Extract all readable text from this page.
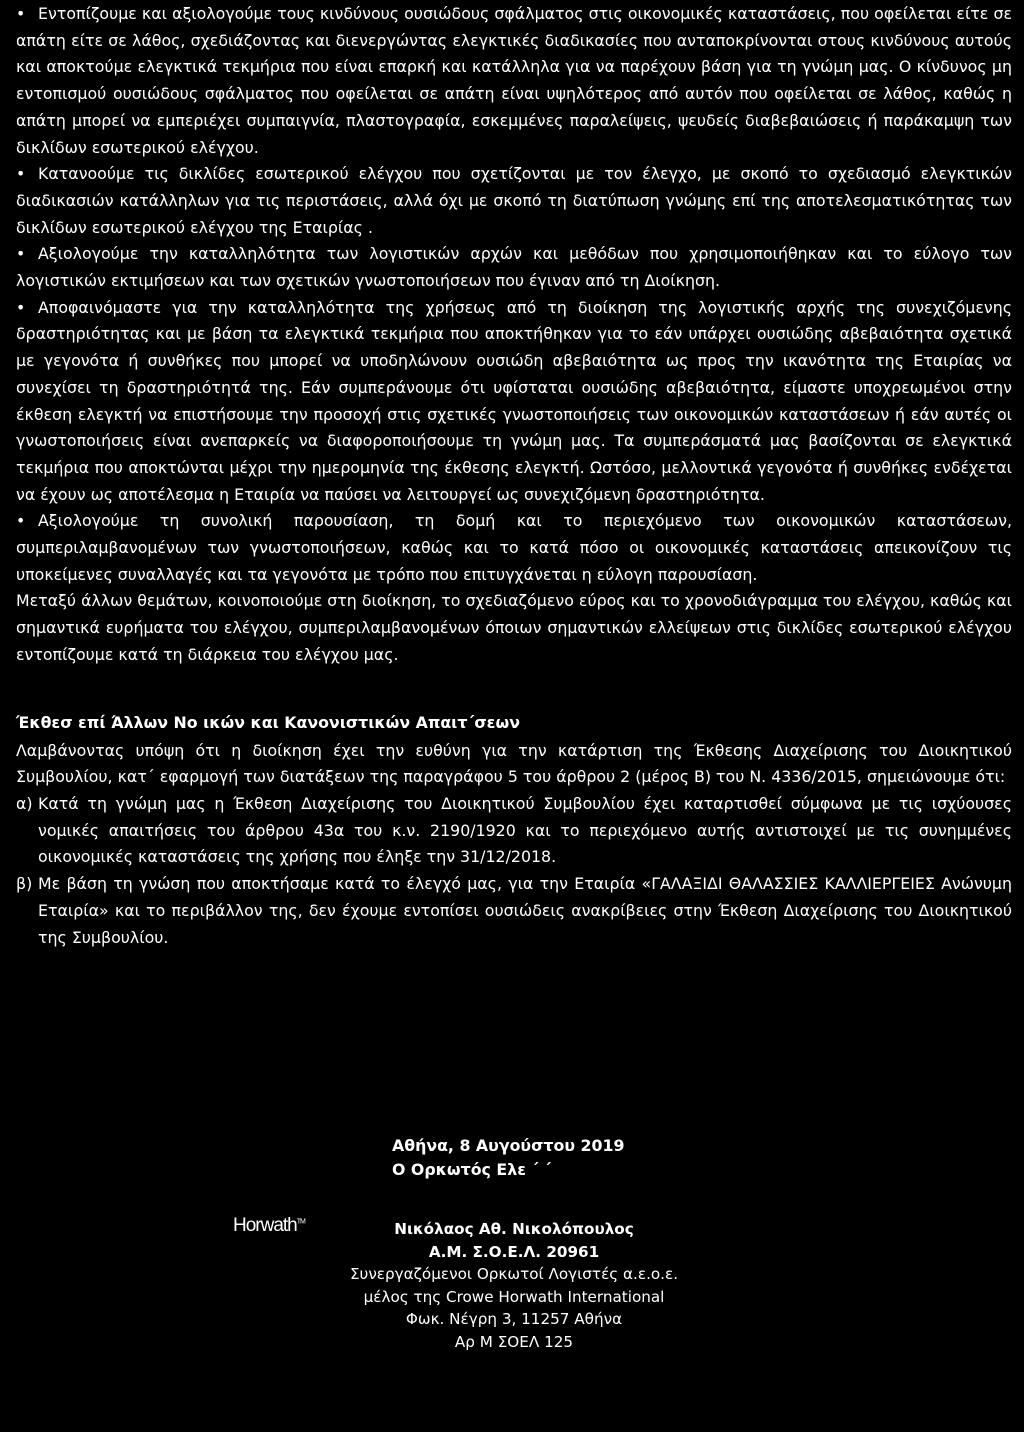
• Εντοπίζουμε και αξιολογούμε τους κινδύνους ουσιώδους σφάλματος στις οικονομικές καταστάσεις, που οφείλεται είτε σε απάτη είτε σε λάθος, σχεδιάζοντας και διενεργώντας ελεγκτικές διαδικασίες που ανταποκρίνονται στους κινδύνους αυτούς και αποκτούμε ελεγκτικά τεκμήρια που είναι επαρκή και κατάλληλα για να παρέχουν βάση για τη γνώμη μας. Ο κίνδυνος μη εντοπισμού ουσιώδους σφάλματος που οφείλεται σε απάτη είναι υψηλότερος από αυτόν που οφείλεται σε λάθος, καθώς η απάτη μπορεί να εμπεριέχει συμπαιγνία, πλαστογραφία, εσκεμμένες παραλείψεις, ψευδείς διαβεβαιώσεις ή παράκαμψη των δικλίδων εσωτερικού ελέγχου.

• Κατανοούμε τις δικλίδες εσωτερικού ελέγχου που σχετίζονται με τον έλεγχο, με σκοπό το σχεδιασμό ελεγκτικών διαδικασιών κατάλληλων για τις περιστάσεις, αλλά όχι με σκοπό τη διατύπωση γνώμης επί της αποτελεσματικότητας των δικλίδων εσωτερικού ελέγχου της Εταιρίας .

• Αξιολογούμε την καταλληλότητα των λογιστικών αρχών και μεθόδων που χρησιμοποιήθηκαν και το εύλογο των λογιστικών εκτιμήσεων και των σχετικών γνωστοποιήσεων που έγιναν από τη Διοίκηση.

• Αποφαινόμαστε για την καταλληλότητα της χρήσεως από τη διοίκηση της λογιστικής αρχής της συνεχιζόμενης δραστηριότητας και με βάση τα ελεγκτικά τεκμήρια που αποκτήθηκαν για το εάν υπάρχει ουσιώδης αβεβαιότητα σχετικά με γεγονότα ή συνθήκες που μπορεί να υποδηλώνουν ουσιώδη αβεβαιότητα ως προς την ικανότητα της Εταιρίας να συνεχίσει τη δραστηριότητά της. Εάν συμπεράνουμε ότι υφίσταται ουσιώδης αβεβαιότητα, είμαστε υποχρεωμένοι στην έκθεση ελεγκτή να επιστήσουμε την προσοχή στις σχετικές γνωστοποιήσεις των οικονομικών καταστάσεων ή εάν αυτές οι γνωστοποιήσεις είναι ανεπαρκείς να διαφοροποιήσουμε τη γνώμη μας. Τα συμπεράσματά μας βασίζονται σε ελεγκτικά τεκμήρια που αποκτώνται μέχρι την ημερομηνία της έκθεσης ελεγκτή. Ωστόσο, μελλοντικά γεγονότα ή συνθήκες ενδέχεται να έχουν ως αποτέλεσμα η Εταιρία να παύσει να λειτουργεί ως συνεχιζόμενη δραστηριότητα.

• Αξιολογούμε τη συνολική παρουσίαση, τη δομή και το περιεχόμενο των οικονομικών καταστάσεων, συμπεριλαμβανομένων των γνωστοποιήσεων, καθώς και το κατά πόσο οι οικονομικές καταστάσεις απεικονίζουν τις υποκείμενες συναλλαγές και τα γεγονότα με τρόπο που επιτυγχάνεται η εύλογη παρουσίαση.

Μεταξύ άλλων θεμάτων, κοινοποιούμε στη διοίκηση, το σχεδιαζόμενο εύρος και το χρονοδιάγραμμα του ελέγχου, καθώς και σημαντικά ευρήματα του ελέγχου, συμπεριλαμβανομένων όποιων σημαντικών ελλείψεων στις δικλίδες εσωτερικού ελέγχου εντοπίζουμε κατά τη διάρκεια του ελέγχου μας.

Έκθεσ επί Άλλων Νο ικών και Κανονιστικών Απαιτ΄σεων

Λαμβάνοντας υπόψη ότι η διοίκηση έχει την ευθύνη για την κατάρτιση της Έκθεσης Διαχείρισης του Διοικητικού Συμβουλίου, κατ΄ εφαρμογή των διατάξεων της παραγράφου 5 του άρθρου 2 (μέρος Β) του Ν. 4336/2015, σημειώνουμε ότι:

α) Κατά τη γνώμη μας η Έκθεση Διαχείρισης του Διοικητικού Συμβουλίου έχει καταρτισθεί σύμφωνα με τις ισχύουσες νομικές απαιτήσεις του άρθρου 43α του κ.ν. 2190/1920 και το περιεχόμενο αυτής αντιστοιχεί με τις συνημμένες οικονομικές καταστάσεις της χρήσης που έληξε την 31/12/2018.
β) Με βάση τη γνώση που αποκτήσαμε κατά το έλεγχό μας, για την Εταιρία «ΓΑΛΑΞΙΔΙ ΘΑΛΑΣΣΙΕΣ ΚΑΛΛΙΕΡΓΕΙΕΣ Ανώνυμη Εταιρία» και το περιβάλλον της, δεν έχουμε εντοπίσει ουσιώδεις ανακρίβειες στην Έκθεση Διαχείρισης του Διοικητικού της Συμβουλίου.
Αθήνα, 8 Αυγούστου 2019
Ο Ορκωτός Ελε ΄ ΄
Horwath™	Νικόλαος Αθ. Νικολόπουλος
Α.Μ. Σ.Ο.Ε.Λ. 20961
Συνεργαζόμενοι Ορκωτοί Λογιστές α.ε.ο.ε.
μέλος της Crowe Horwath International
Φωκ. Νέγρη 3, 11257 Αθήνα
Αρ Μ ΣΟΕΛ 125
